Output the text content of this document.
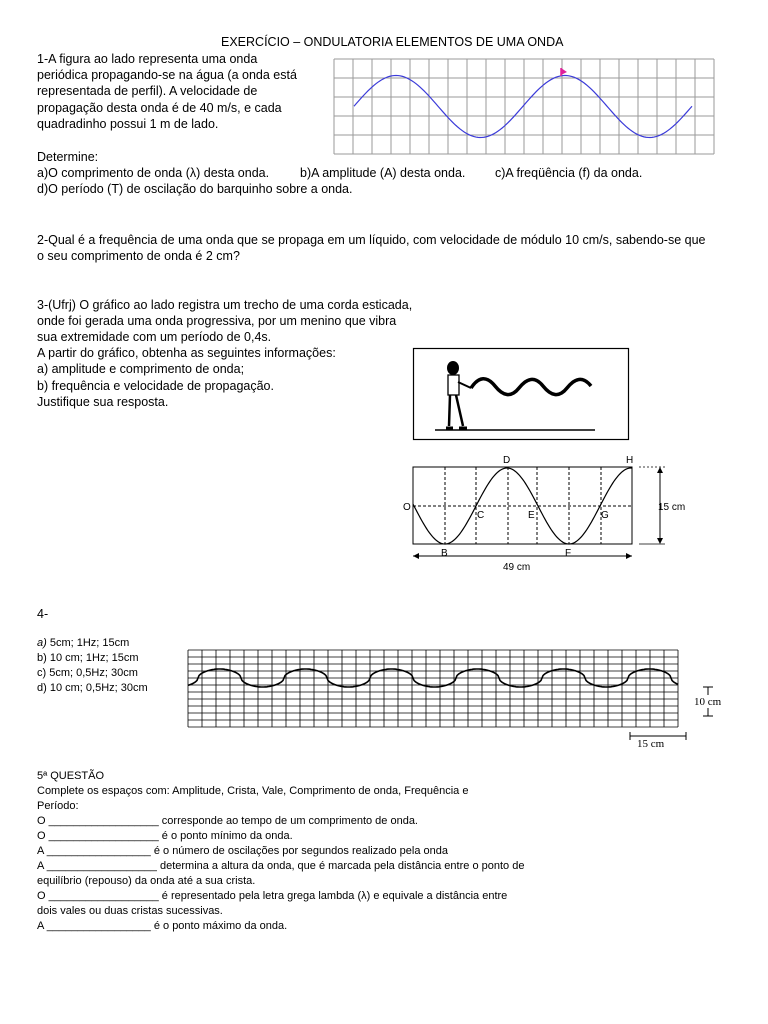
EXERCÍCIO – ONDULATORIA ELEMENTOS DE UMA ONDA
1-A figura ao lado representa uma onda
periódica propagando-se na água (a onda está
representada de perfil). A velocidade de
propagação desta onda é de 40 m/s, e cada
quadradinho possui 1 m de lado.
Determine:
a)O comprimento de onda (λ) desta onda. b)A amplitude (A) desta onda. c)A freqüência (f) da onda.
d)O período (T) de oscilação do barquinho sobre a onda.
2-Qual é a frequência de uma onda que se propaga em um líquido, com velocidade de módulo 10 cm/s, sabendo-se que
o seu comprimento de onda é 2 cm?
3-(Ufrj) O gráfico ao lado registra um trecho de uma corda esticada,
onde foi gerada uma onda progressiva, por um menino que vibra
sua extremidade com um período de 0,4s.
A partir do gráfico, obtenha as seguintes informações:
a) amplitude e comprimento de onda;
b) frequência e velocidade de propagação.
Justifique sua resposta.
O
B
C
D
E
F
G
H
15 cm
49 cm
4-
a) 5cm; 1Hz; 15cm
b) 10 cm; 1Hz; 15cm
c) 5cm; 0,5Hz; 30cm
d) 10 cm; 0,5Hz; 30cm
10 cm
15 cm
5ª QUESTÃO
Complete os espaços com: Amplitude, Crista, Vale, Comprimento de onda, Frequência e
Período:
O __________________ corresponde ao tempo de um comprimento de onda.
O __________________ é o ponto mínimo da onda.
A _________________ é o número de oscilações por segundos realizado pela onda
A __________________ determina a altura da onda, que é marcada pela distância entre o ponto de
equilíbrio (repouso) da onda até a sua crista.
O __________________ é representado pela letra grega lambda (λ) e equivale a distância entre
dois vales ou duas cristas sucessivas.
A _________________ é o ponto máximo da onda.
